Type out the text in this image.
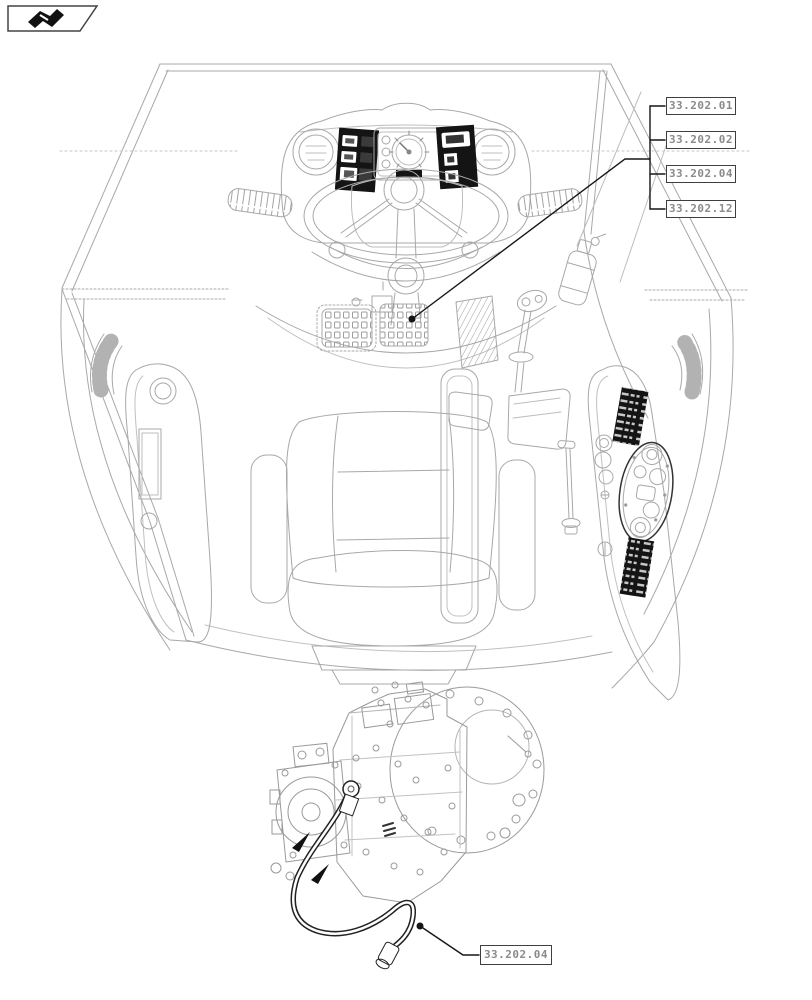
33.202.01
33.202.02
33.202.04
33.202.12
33.202.04
